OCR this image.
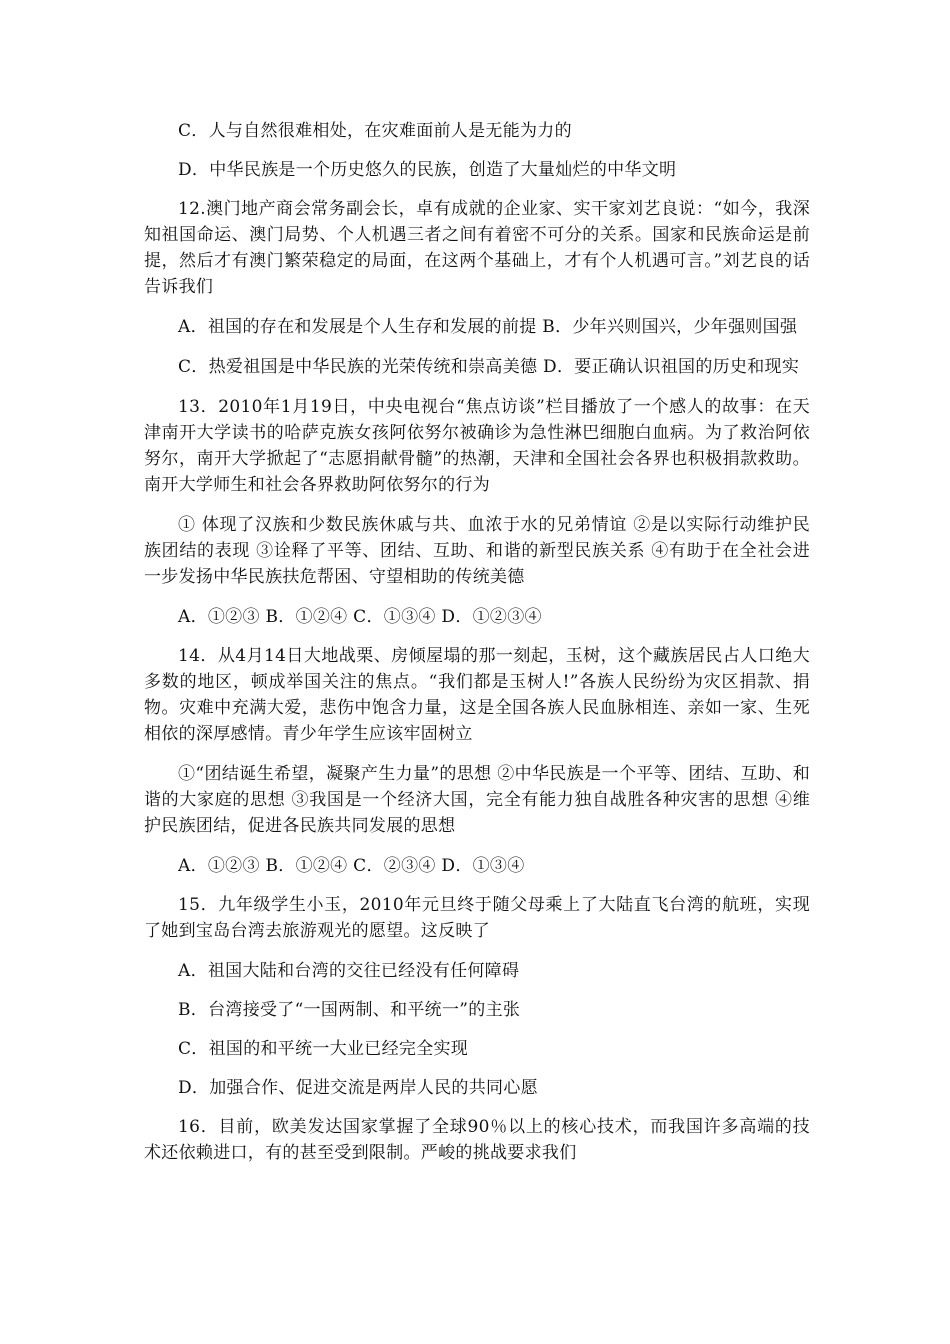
C．人与自然很难相处，在灾难面前人是无能为力的

D．中华民族是一个历史悠久的民族，创造了大量灿烂的中华文明

12.澳门地产商会常务副会长，卓有成就的企业家、实干家刘艺良说：“如今，我深知祖国命运、澳门局势、个人机遇三者之间有着密不可分的关系。国家和民族命运是前提，然后才有澳门繁荣稳定的局面，在这两个基础上，才有个人机遇可言。”刘艺良的话告诉我们

A．祖国的存在和发展是个人生存和发展的前提 B．少年兴则国兴，少年强则国强

C．热爱祖国是中华民族的光荣传统和崇高美德 D．要正确认识祖国的历史和现实

13．2010年1月19日，中央电视台“焦点访谈”栏目播放了一个感人的故事：在天津南开大学读书的哈萨克族女孩阿依努尔被确诊为急性淋巴细胞白血病。为了救治阿依努尔，南开大学掀起了“志愿捐献骨髓”的热潮，天津和全国社会各界也积极捐款救助。南开大学师生和社会各界救助阿依努尔的行为

① 体现了汉族和少数民族休戚与共、血浓于水的兄弟情谊 ②是以实际行动维护民族团结的表现 ③诠释了平等、团结、互助、和谐的新型民族关系 ④有助于在全社会进一步发扬中华民族扶危帮困、守望相助的传统美德

A．①②③ B．①②④ C．①③④ D．①②③④

14．从4月14日大地战栗、房倾屋塌的那一刻起，玉树，这个藏族居民占人口绝大多数的地区，顿成举国关注的焦点。“我们都是玉树人!”各族人民纷纷为灾区捐款、捐物。灾难中充满大爱，悲伤中饱含力量，这是全国各族人民血脉相连、亲如一家、生死相依的深厚感情。青少年学生应该牢固树立

①“团结诞生希望，凝聚产生力量”的思想 ②中华民族是一个平等、团结、互助、和谐的大家庭的思想 ③我国是一个经济大国，完全有能力独自战胜各种灾害的思想 ④维护民族团结，促进各民族共同发展的思想

A．①②③ B．①②④ C．②③④ D．①③④

15．九年级学生小玉，2010年元旦终于随父母乘上了大陆直飞台湾的航班，实现了她到宝岛台湾去旅游观光的愿望。这反映了

A．祖国大陆和台湾的交往已经没有任何障碍

B．台湾接受了“一国两制、和平统一”的主张

C．祖国的和平统一大业已经完全实现

D．加强合作、促进交流是两岸人民的共同心愿

16．目前，欧美发达国家掌握了全球90％以上的核心技术，而我国许多高端的技术还依赖进口，有的甚至受到限制。严峻的挑战要求我们
